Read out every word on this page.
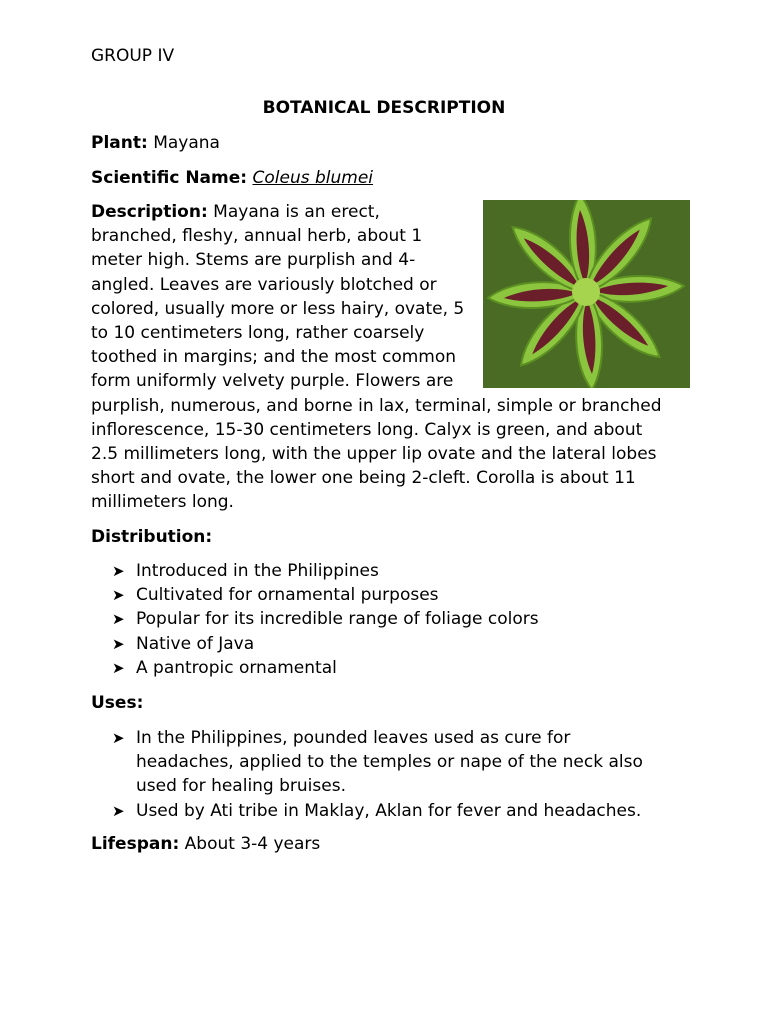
GROUP IV
BOTANICAL DESCRIPTION
Plant: Mayana
Scientific Name: Coleus blumei

Description: Mayana is an erect, branched, fleshy, annual herb, about 1 meter high. Stems are purplish and 4-angled. Leaves are variously blotched or colored, usually more or less hairy, ovate, 5 to 10 centimeters long, rather coarsely toothed in margins; and the most common form uniformly velvety purple. Flowers are purplish, numerous, and borne in lax, terminal, simple or branched inflorescence, 15-30 centimeters long. Calyx is green, and about 2.5 millimeters long, with the upper lip ovate and the lateral lobes short and ovate, the lower one being 2-cleft. Corolla is about 11 millimeters long.

Distribution:
➤ Introduced in the Philippines
➤ Cultivated for ornamental purposes
➤ Popular for its incredible range of foliage colors
➤ Native of Java
➤ A pantropic ornamental
Uses:
➤ In the Philippines, pounded leaves used as cure for headaches, applied to the temples or nape of the neck also used for healing bruises.
➤ Used by Ati tribe in Maklay, Aklan for fever and headaches.
Lifespan: About 3-4 years
